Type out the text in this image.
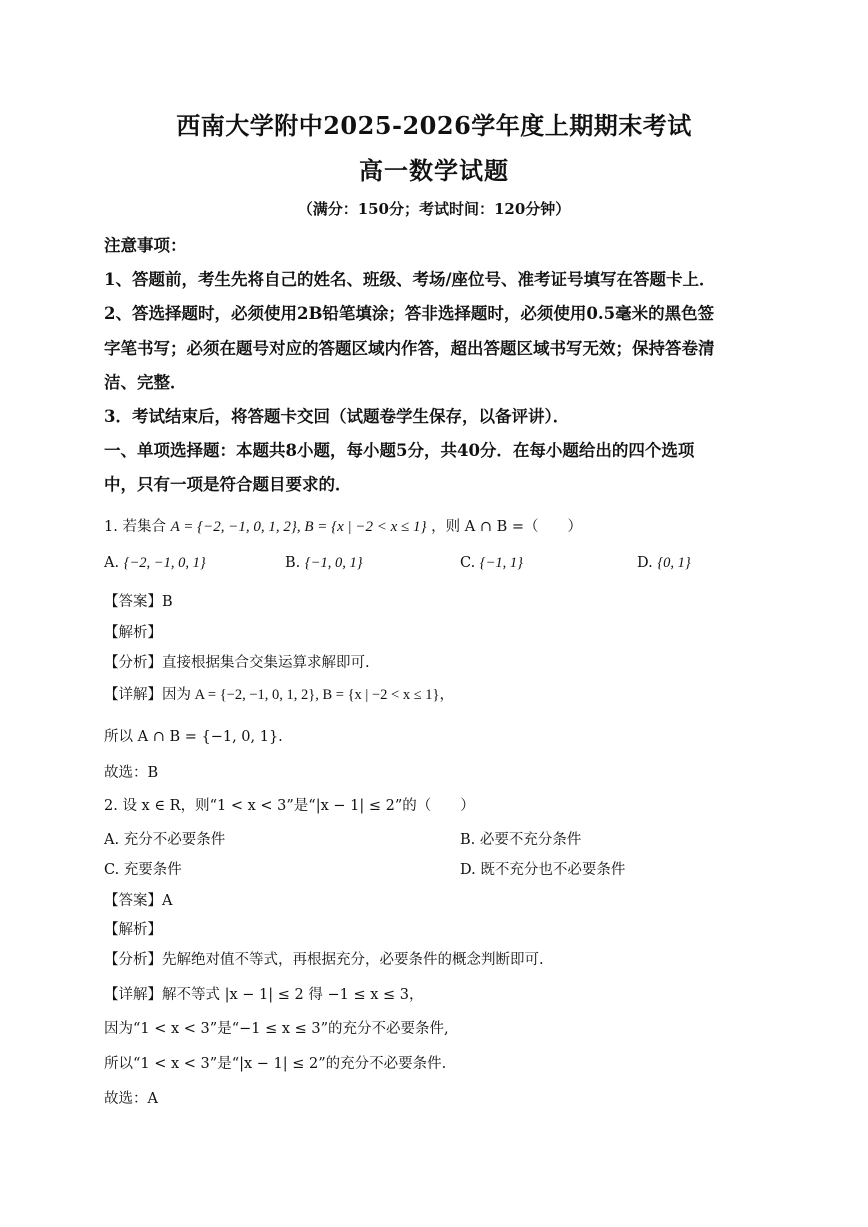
西南大学附中2025-2026学年度上期期末考试
高一数学试题
（满分：150分；考试时间：120分钟）
注意事项：
1、答题前，考生先将自己的姓名、班级、考场/座位号、准考证号填写在答题卡上．
2、答选择题时，必须使用2B铅笔填涂；答非选择题时，必须使用0.5毫米的黑色签
字笔书写；必须在题号对应的答题区域内作答，超出答题区域书写无效；保持答卷清
洁、完整．
3．考试结束后，将答题卡交回（试题卷学生保存，以备评讲）．
一、单项选择题：本题共8小题，每小题5分，共40分．在每小题给出的四个选项
中，只有一项是符合题目要求的．
1. 若集合 A = {−2, −1, 0, 1, 2}, B = {x | −2 < x ≤ 1} ，则 A ∩ B =（　　）
A. {−2, −1, 0, 1}	B. {−1, 0, 1}	C. {−1, 1}	D. {0, 1}
【答案】B
【解析】
【分析】直接根据集合交集运算求解即可.
【详解】因为 A = {−2, −1, 0, 1, 2}, B = {x | −2 < x ≤ 1}，
所以 A ∩ B = {−1, 0, 1}.
故选：B
2. 设 x ∈ R，则“1 < x < 3”是“|x − 1| ≤ 2”的（　　）
A. 充分不必要条件	B. 必要不充分条件
C. 充要条件	D. 既不充分也不必要条件
【答案】A
【解析】
【分析】先解绝对值不等式，再根据充分，必要条件的概念判断即可.
【详解】解不等式 |x − 1| ≤ 2 得 −1 ≤ x ≤ 3，
因为“1 < x < 3”是“−1 ≤ x ≤ 3”的充分不必要条件,
所以“1 < x < 3”是“|x − 1| ≤ 2”的充分不必要条件.
故选：A
